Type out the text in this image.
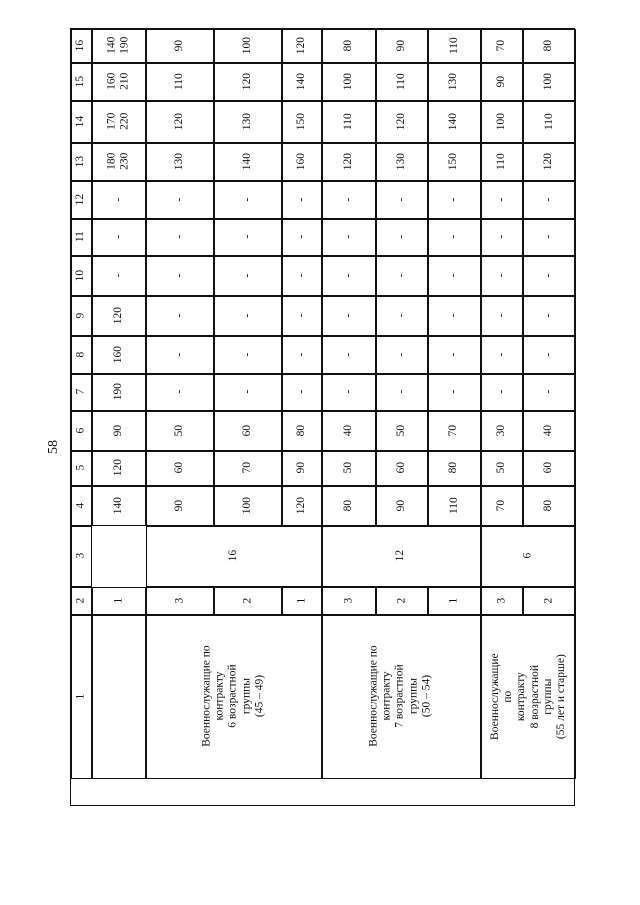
58
1
2
3
4
5
6
7
8
9
10
11
12
13
14
15
16
1
140
120
90
190
160
120
-
-
-
180
230
170
220
160
210
140
190
Военнослужащие по
контракту
6 возрастной
группы
(45 – 49)
16
3
90
60
50
-
-
-
-
-
-
130
120
110
90
2
100
70
60
-
-
-
-
-
-
140
130
120
100
1
120
90
80
-
-
-
-
-
-
160
150
140
120
Военнослужащие по
контракту
7 возрастной
группы
(50 – 54)
12
3
80
50
40
-
-
-
-
-
-
120
110
100
80
2
90
60
50
-
-
-
-
-
-
130
120
110
90
1
110
80
70
-
-
-
-
-
-
150
140
130
110
Военнослужащие по
контракту
8 возрастной
группы
(55 лет и старше)
6
3
70
50
30
-
-
-
-
-
-
110
100
90
70
2
80
60
40
-
-
-
-
-
-
120
110
100
80
